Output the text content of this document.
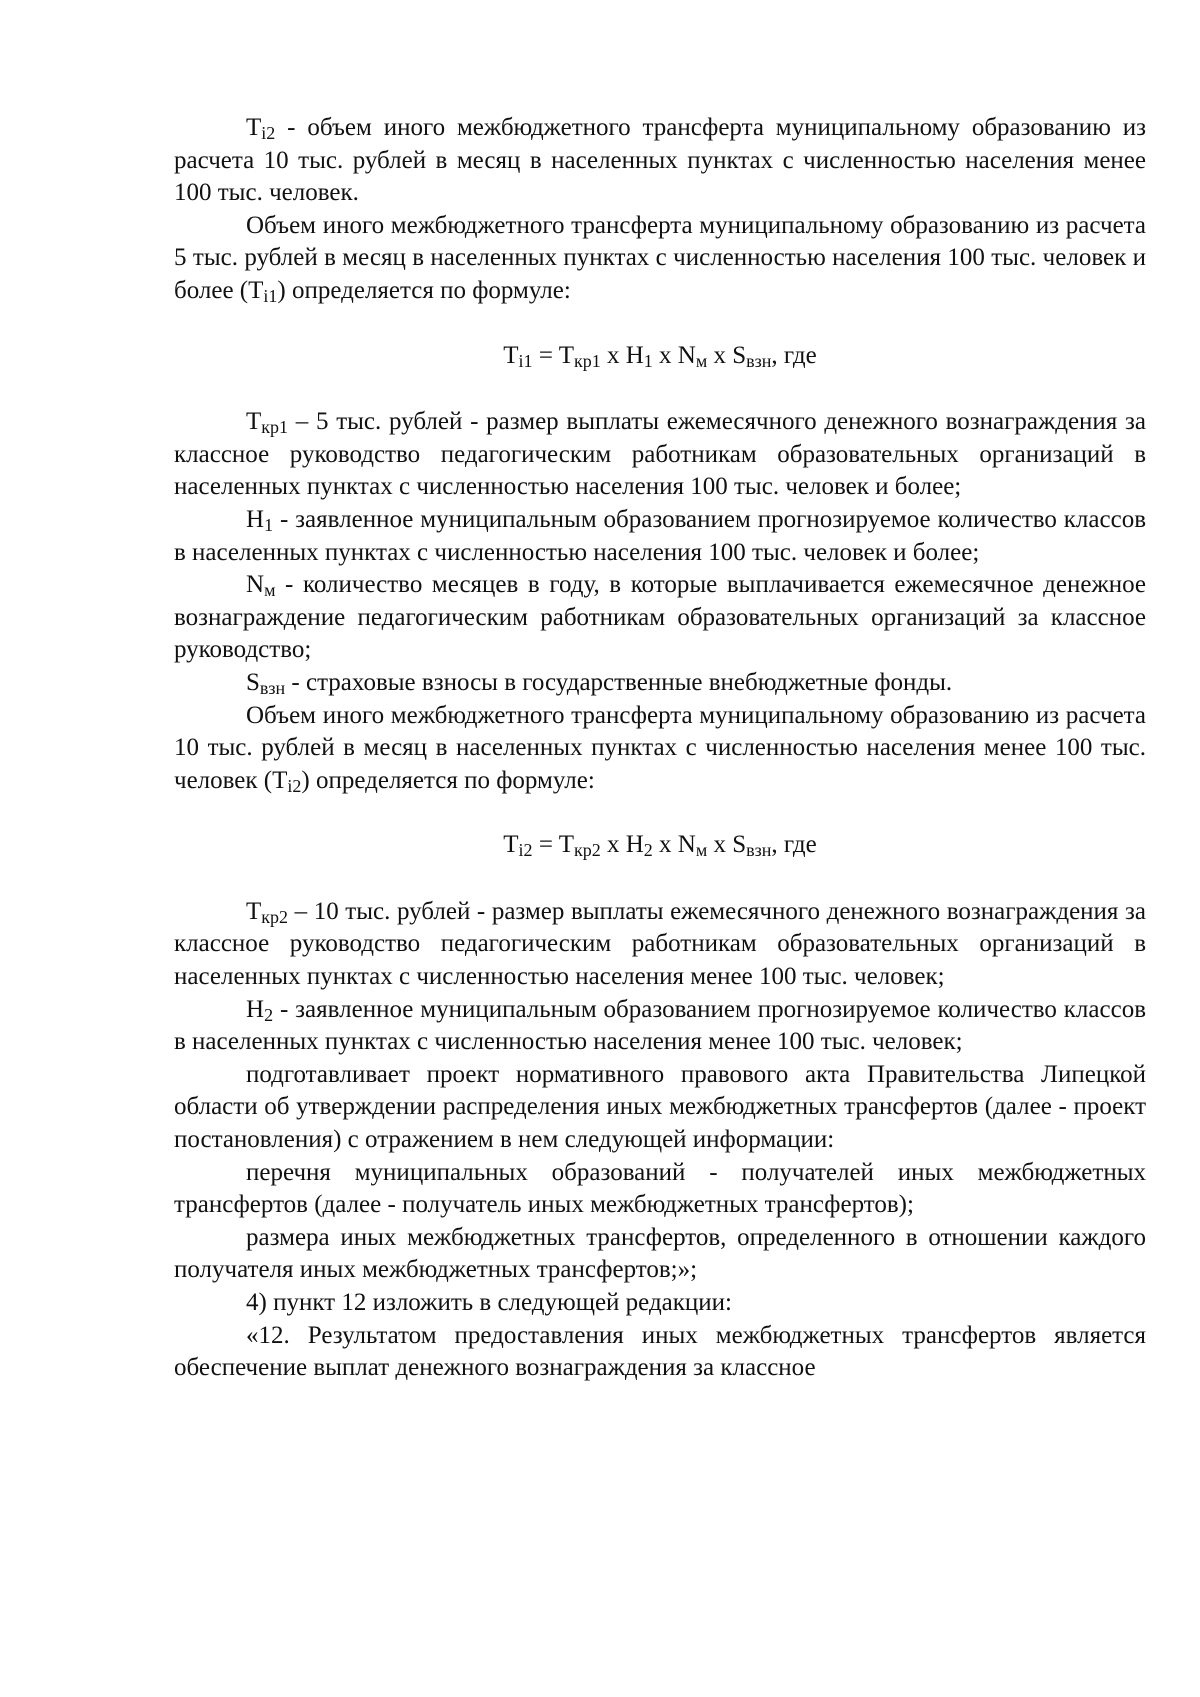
$T_{i2}$ - объем иного межбюджетного трансферта муниципальному образованию из расчета 10 тыс. рублей в месяц в населенных пунктах с численностью населения менее 100 тыс. человек.

Объем иного межбюджетного трансферта муниципальному образованию из расчета 5 тыс. рублей в месяц в населенных пунктах с численностью населения 100 тыс. человек и более $(T_{i1})$ определяется по формуле:

$T_{i1} = T_{кр1}$ x $H_1$ x $N_м$ x $S_{взн}$, где

$T_{кр1} - 5$ тыс. рублей - размер выплаты ежемесячного денежного вознаграждения за классное руководство педагогическим работникам образовательных организаций в населенных пунктах с численностью населения 100 тыс. человек и более;

$H_1$ - заявленное муниципальным образованием прогнозируемое количество классов в населенных пунктах с численностью населения 100 тыс. человек и более;

$N_м$ - количество месяцев в году, в которые выплачивается ежемесячное денежное вознаграждение педагогическим работникам образовательных организаций за классное руководство;

$S_{взн}$ - страховые взносы в государственные внебюджетные фонды.

Объем иного межбюджетного трансферта муниципальному образованию из расчета 10 тыс. рублей в месяц в населенных пунктах с численностью населения менее 100 тыс. человек $(T_{i2})$ определяется по формуле:

$T_{i2} = T_{кр2}$ x $H_2$ x $N_м$ x $S_{взн}$, где

$T_{кр2} - 10$ тыс. рублей - размер выплаты ежемесячного денежного вознаграждения за классное руководство педагогическим работникам образовательных организаций в населенных пунктах с численностью населения менее 100 тыс. человек;

$H_2$ - заявленное муниципальным образованием прогнозируемое количество классов в населенных пунктах с численностью населения менее 100 тыс. человек;

подготавливает проект нормативного правового акта Правительства Липецкой области об утверждении распределения иных межбюджетных трансфертов (далее - проект постановления) с отражением в нем следующей информации:

перечня муниципальных образований - получателей иных межбюджетных трансфертов (далее - получатель иных межбюджетных трансфертов);

размера иных межбюджетных трансфертов, определенного в отношении каждого получателя иных межбюджетных трансфертов;»;

4) пункт 12 изложить в следующей редакции:

«12. Результатом предоставления иных межбюджетных трансфертов является обеспечение выплат денежного вознаграждения за классное
